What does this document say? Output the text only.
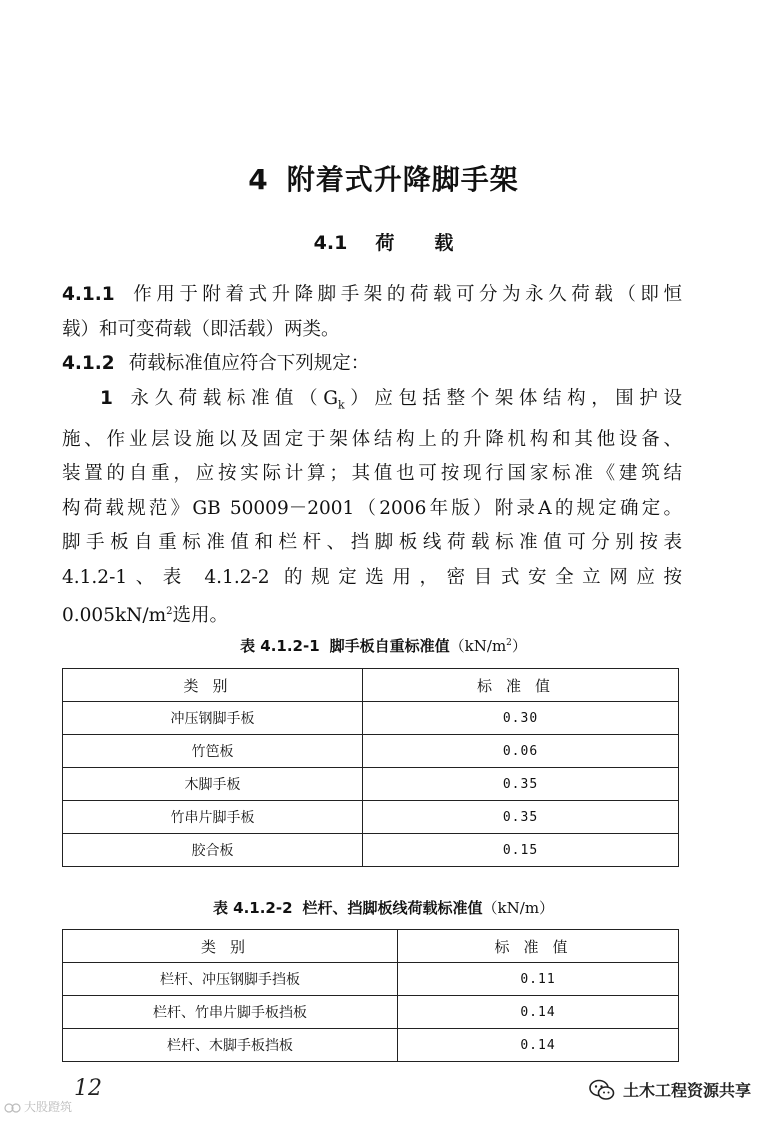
4 附着式升降脚手架
4.1 荷 载
4.1.1 作用于附着式升降脚手架的荷载可分为永久荷载（即恒
载）和可变荷载（即活载）两类。
4.1.2 荷载标准值应符合下列规定：
1 永久荷载标准值$(G_k)$应包括整个架体结构，围护设
施、作业层设施以及固定于架体结构上的升降机构和其他设备、
装置的自重，应按实际计算；其值也可按现行国家标准《建筑结
构荷载规范》GB 50009－2001（2006年版）附录A的规定确定。
脚手板自重标准值和栏杆、挡脚板线荷载标准值可分别按表
4.1.2-1、表 4.1.2-2 的规定选用，密目式安全立网应按
$0.005kN/m^2$选用。
表 4.1.2-1 脚手板自重标准值$(kN/m^2)$
类别	标准值
冲压钢脚手板	0.30
竹笆板	0.06
木脚手板	0.35
竹串片脚手板	0.35
胶合板	0.15
表 4.1.2-2 栏杆、挡脚板线荷载标准值（kN/m）
类别	标准值
栏杆、冲压钢脚手挡板	0.11
栏杆、竹串片脚手板挡板	0.14
栏杆、木脚手板挡板	0.14
12
大股蹬筑
土木工程资源共享
